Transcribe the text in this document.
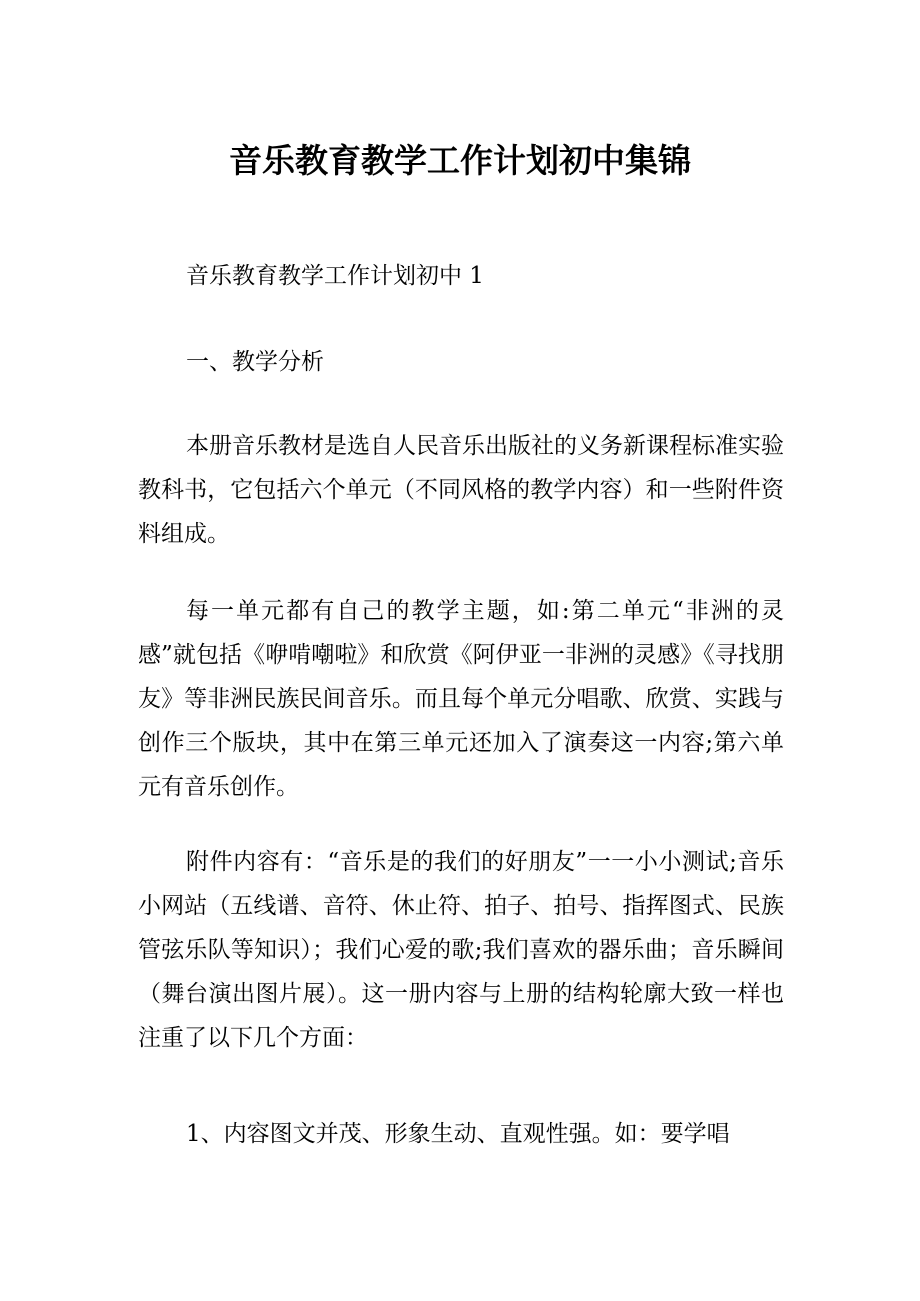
音乐教育教学工作计划初中集锦

音乐教育教学工作计划初中 1

一、教学分析

本册音乐教材是选自人民音乐出版社的义务新课程标准实验教科书，它包括六个单元（不同风格的教学内容）和一些附件资料组成。

每一单元都有自己的教学主题，如:第二单元“非洲的灵感”就包括《咿啃嘲啦》和欣赏《阿伊亚一非洲的灵感》《寻找朋友》等非洲民族民间音乐。而且每个单元分唱歌、欣赏、实践与创作三个版块，其中在第三单元还加入了演奏这一内容;第六单元有音乐创作。

附件内容有：“音乐是的我们的好朋友”一一小小测试;音乐小网站（五线谱、音符、休止符、拍子、拍号、指挥图式、民族管弦乐队等知识）；我们心爱的歌;我们喜欢的器乐曲；音乐瞬间（舞台演出图片展）。这一册内容与上册的结构轮廓大致一样也注重了以下几个方面：

1、内容图文并茂、形象生动、直观性强。如：要学唱
